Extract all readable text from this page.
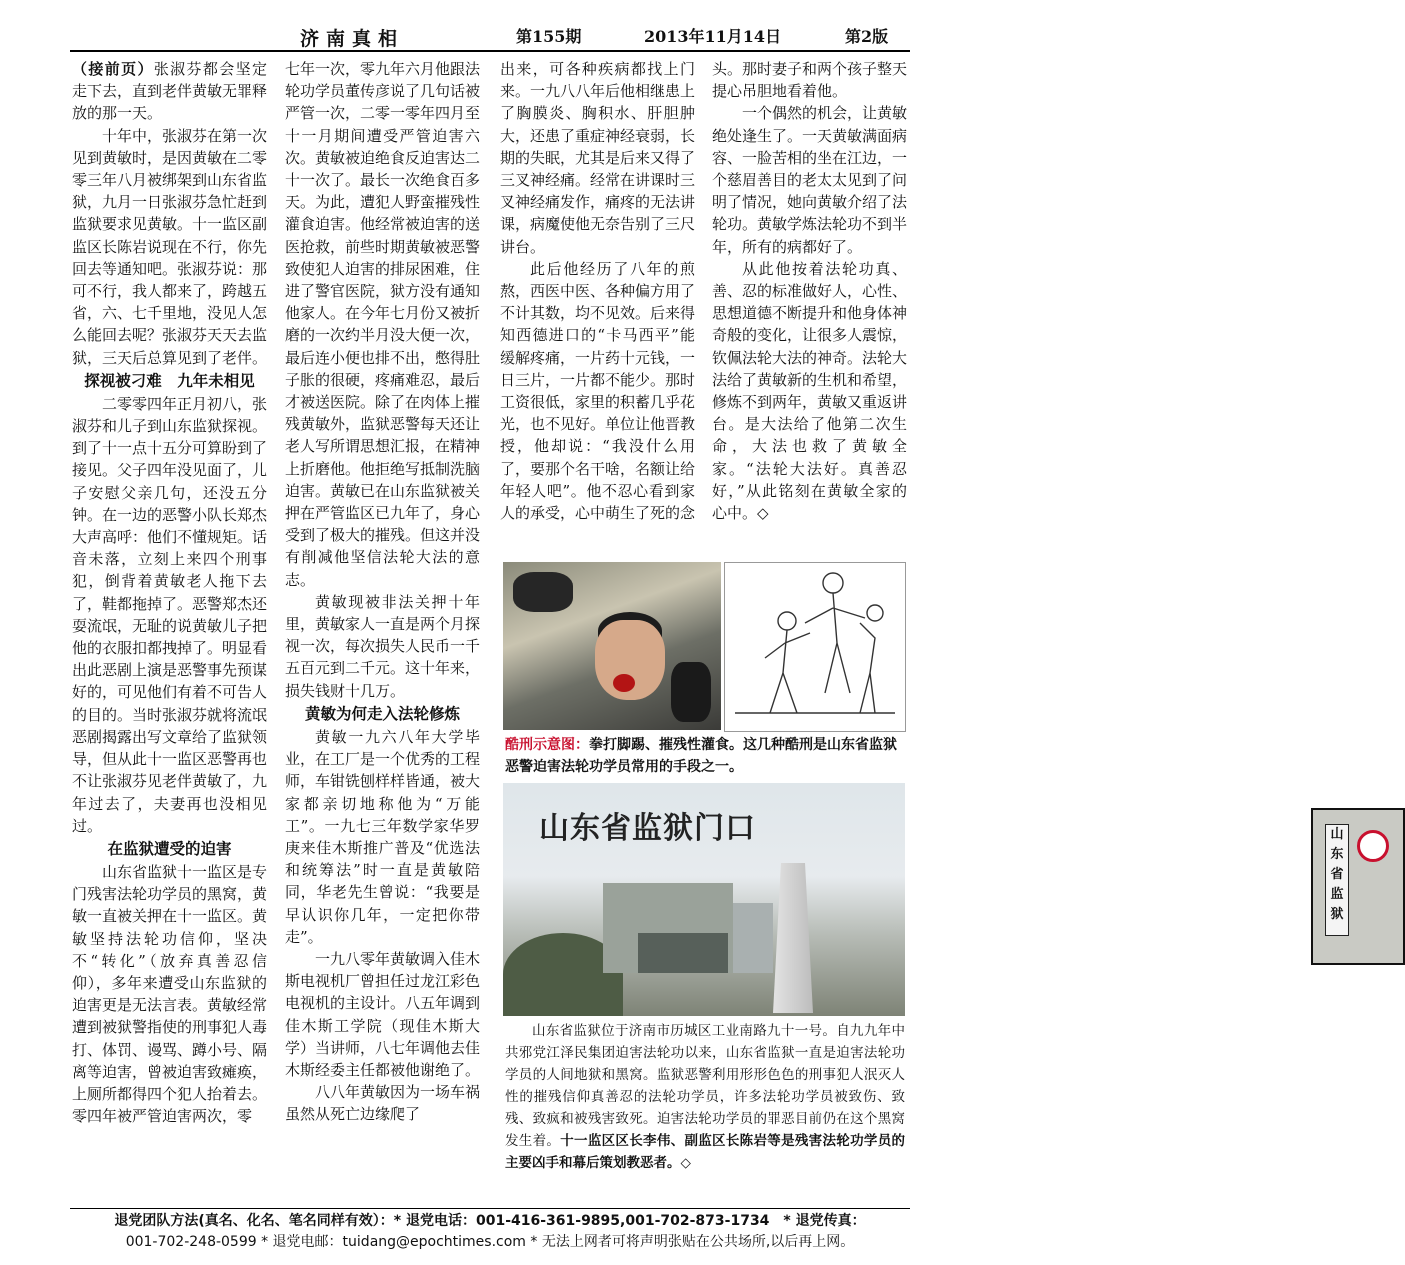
济南真相	第155期	2013年11月14日	第2版

（接前页）张淑芬都会坚定走下去，直到老伴黄敏无罪释放的那一天。

十年中，张淑芬在第一次见到黄敏时，是因黄敏在二零零三年八月被绑架到山东省监狱，九月一日张淑芬急忙赶到监狱要求见黄敏。十一监区副监区长陈岩说现在不行，你先回去等通知吧。张淑芬说：那可不行，我人都来了，跨越五省，六、七千里地，没见人怎么能回去呢？张淑芬天天去监狱，三天后总算见到了老伴。

探视被刁难　九年未相见

二零零四年正月初八，张淑芬和儿子到山东监狱探视。到了十一点十五分可算盼到了接见。父子四年没见面了，儿子安慰父亲几句，还没五分钟。在一边的恶警小队长郑杰大声高呼：他们不懂规矩。话音未落，立刻上来四个刑事犯，倒背着黄敏老人拖下去了，鞋都拖掉了。恶警郑杰还耍流氓，无耻的说黄敏儿子把他的衣服扣都拽掉了。明显看出此恶剧上演是恶警事先预谋好的，可见他们有着不可告人的目的。当时张淑芬就将流氓恶剧揭露出写文章给了监狱领导，但从此十一监区恶警再也不让张淑芬见老伴黄敏了，九年过去了，夫妻再也没相见过。

在监狱遭受的迫害

山东省监狱十一监区是专门残害法轮功学员的黑窝，黄敏一直被关押在十一监区。黄敏坚持法轮功信仰，坚决不“转化”（放弃真善忍信仰），多年来遭受山东监狱的迫害更是无法言表。黄敏经常遭到被狱警指使的刑事犯人毒打、体罚、谩骂、蹲小号、隔离等迫害，曾被迫害致瘫痪，上厕所都得四个犯人抬着去。零四年被严管迫害两次，零

七年一次，零九年六月他跟法轮功学员董传彦说了几句话被严管一次，二零一零年四月至十一月期间遭受严管迫害六次。黄敏被迫绝食反迫害达二十一次了。最长一次绝食百多天。为此，遭犯人野蛮摧残性灌食迫害。他经常被迫害的送医抢救，前些时期黄敏被恶警致使犯人迫害的排尿困难，住进了警官医院，狱方没有通知他家人。在今年七月份又被折磨的一次约半月没大便一次，最后连小便也排不出，憋得肚子胀的很硬，疼痛难忍，最后才被送医院。除了在肉体上摧残黄敏外，监狱恶警每天还让老人写所谓思想汇报，在精神上折磨他。他拒绝写抵制洗脑迫害。黄敏已在山东监狱被关押在严管监区已九年了，身心受到了极大的摧残。但这并没有削减他坚信法轮大法的意志。

黄敏现被非法关押十年里，黄敏家人一直是两个月探视一次，每次损失人民币一千五百元到二千元。这十年来，损失钱财十几万。

黄敏为何走入法轮修炼

黄敏一九六八年大学毕业，在工厂是一个优秀的工程师，车钳铣刨样样皆通，被大家都亲切地称他为“万能工”。一九七三年数学家华罗庚来佳木斯推广普及“优选法和统筹法”时一直是黄敏陪同，华老先生曾说：“我要是早认识你几年，一定把你带走”。

一九八零年黄敏调入佳木斯电视机厂曾担任过龙江彩色电视机的主设计。八五年调到佳木斯工学院（现佳木斯大学）当讲师，八七年调他去佳木斯经委主任都被他谢绝了。

八八年黄敏因为一场车祸虽然从死亡边缘爬了

出来，可各种疾病都找上门来。一九八八年后他相继患上了胸膜炎、胸积水、肝胆肿大，还患了重症神经衰弱，长期的失眠，尤其是后来又得了三叉神经痛。经常在讲课时三叉神经痛发作，痛疼的无法讲课，病魔使他无奈告别了三尺讲台。

此后他经历了八年的煎熬，西医中医、各种偏方用了不计其数，均不见效。后来得知西德进口的“卡马西平”能缓解疼痛，一片药十元钱，一日三片，一片都不能少。那时工资很低，家里的积蓄几乎花光，也不见好。单位让他晋教授，他却说：“我没什么用了，要那个名干啥，名额让给年轻人吧”。他不忍心看到家人的承受，心中萌生了死的念

头。那时妻子和两个孩子整天提心吊胆地看着他。

一个偶然的机会，让黄敏绝处逢生了。一天黄敏满面病容、一脸苦相的坐在江边，一个慈眉善目的老太太见到了问明了情况，她向黄敏介绍了法轮功。黄敏学炼法轮功不到半年，所有的病都好了。

从此他按着法轮功真、善、忍的标准做好人，心性、思想道德不断提升和他身体神奇般的变化，让很多人震惊，钦佩法轮大法的神奇。法轮大法给了黄敏新的生机和希望，修炼不到两年，黄敏又重返讲台。是大法给了他第二次生命，大法也救了黄敏全家。“法轮大法好。真善忍好，”从此铭刻在黄敏全家的心中。◇

酷刑示意图：拳打脚踢、摧残性灌食。这几种酷刑是山东省监狱恶警迫害法轮功学员常用的手段之一。
山东省监狱门口	山东省监狱
山东省监狱位于济南市历城区工业南路九十一号。自九九年中共邪党江泽民集团迫害法轮功以来，山东省监狱一直是迫害法轮功学员的人间地狱和黑窝。监狱恶警利用形形色色的刑事犯人泯灭人性的摧残信仰真善忍的法轮功学员，许多法轮功学员被致伤、致残、致疯和被残害致死。迫害法轮功学员的罪恶目前仍在这个黑窝发生着。十一监区区长李伟、副监区长陈岩等是残害法轮功学员的主要凶手和幕后策划教恶者。◇
退党团队方法(真名、化名、笔名同样有效）：* 退党电话：001-416-361-9895,001-702-873-1734　* 退党传真：
001-702-248-0599 * 退党电邮：tuidang@epochtimes.com * 无法上网者可将声明张贴在公共场所,以后再上网。
